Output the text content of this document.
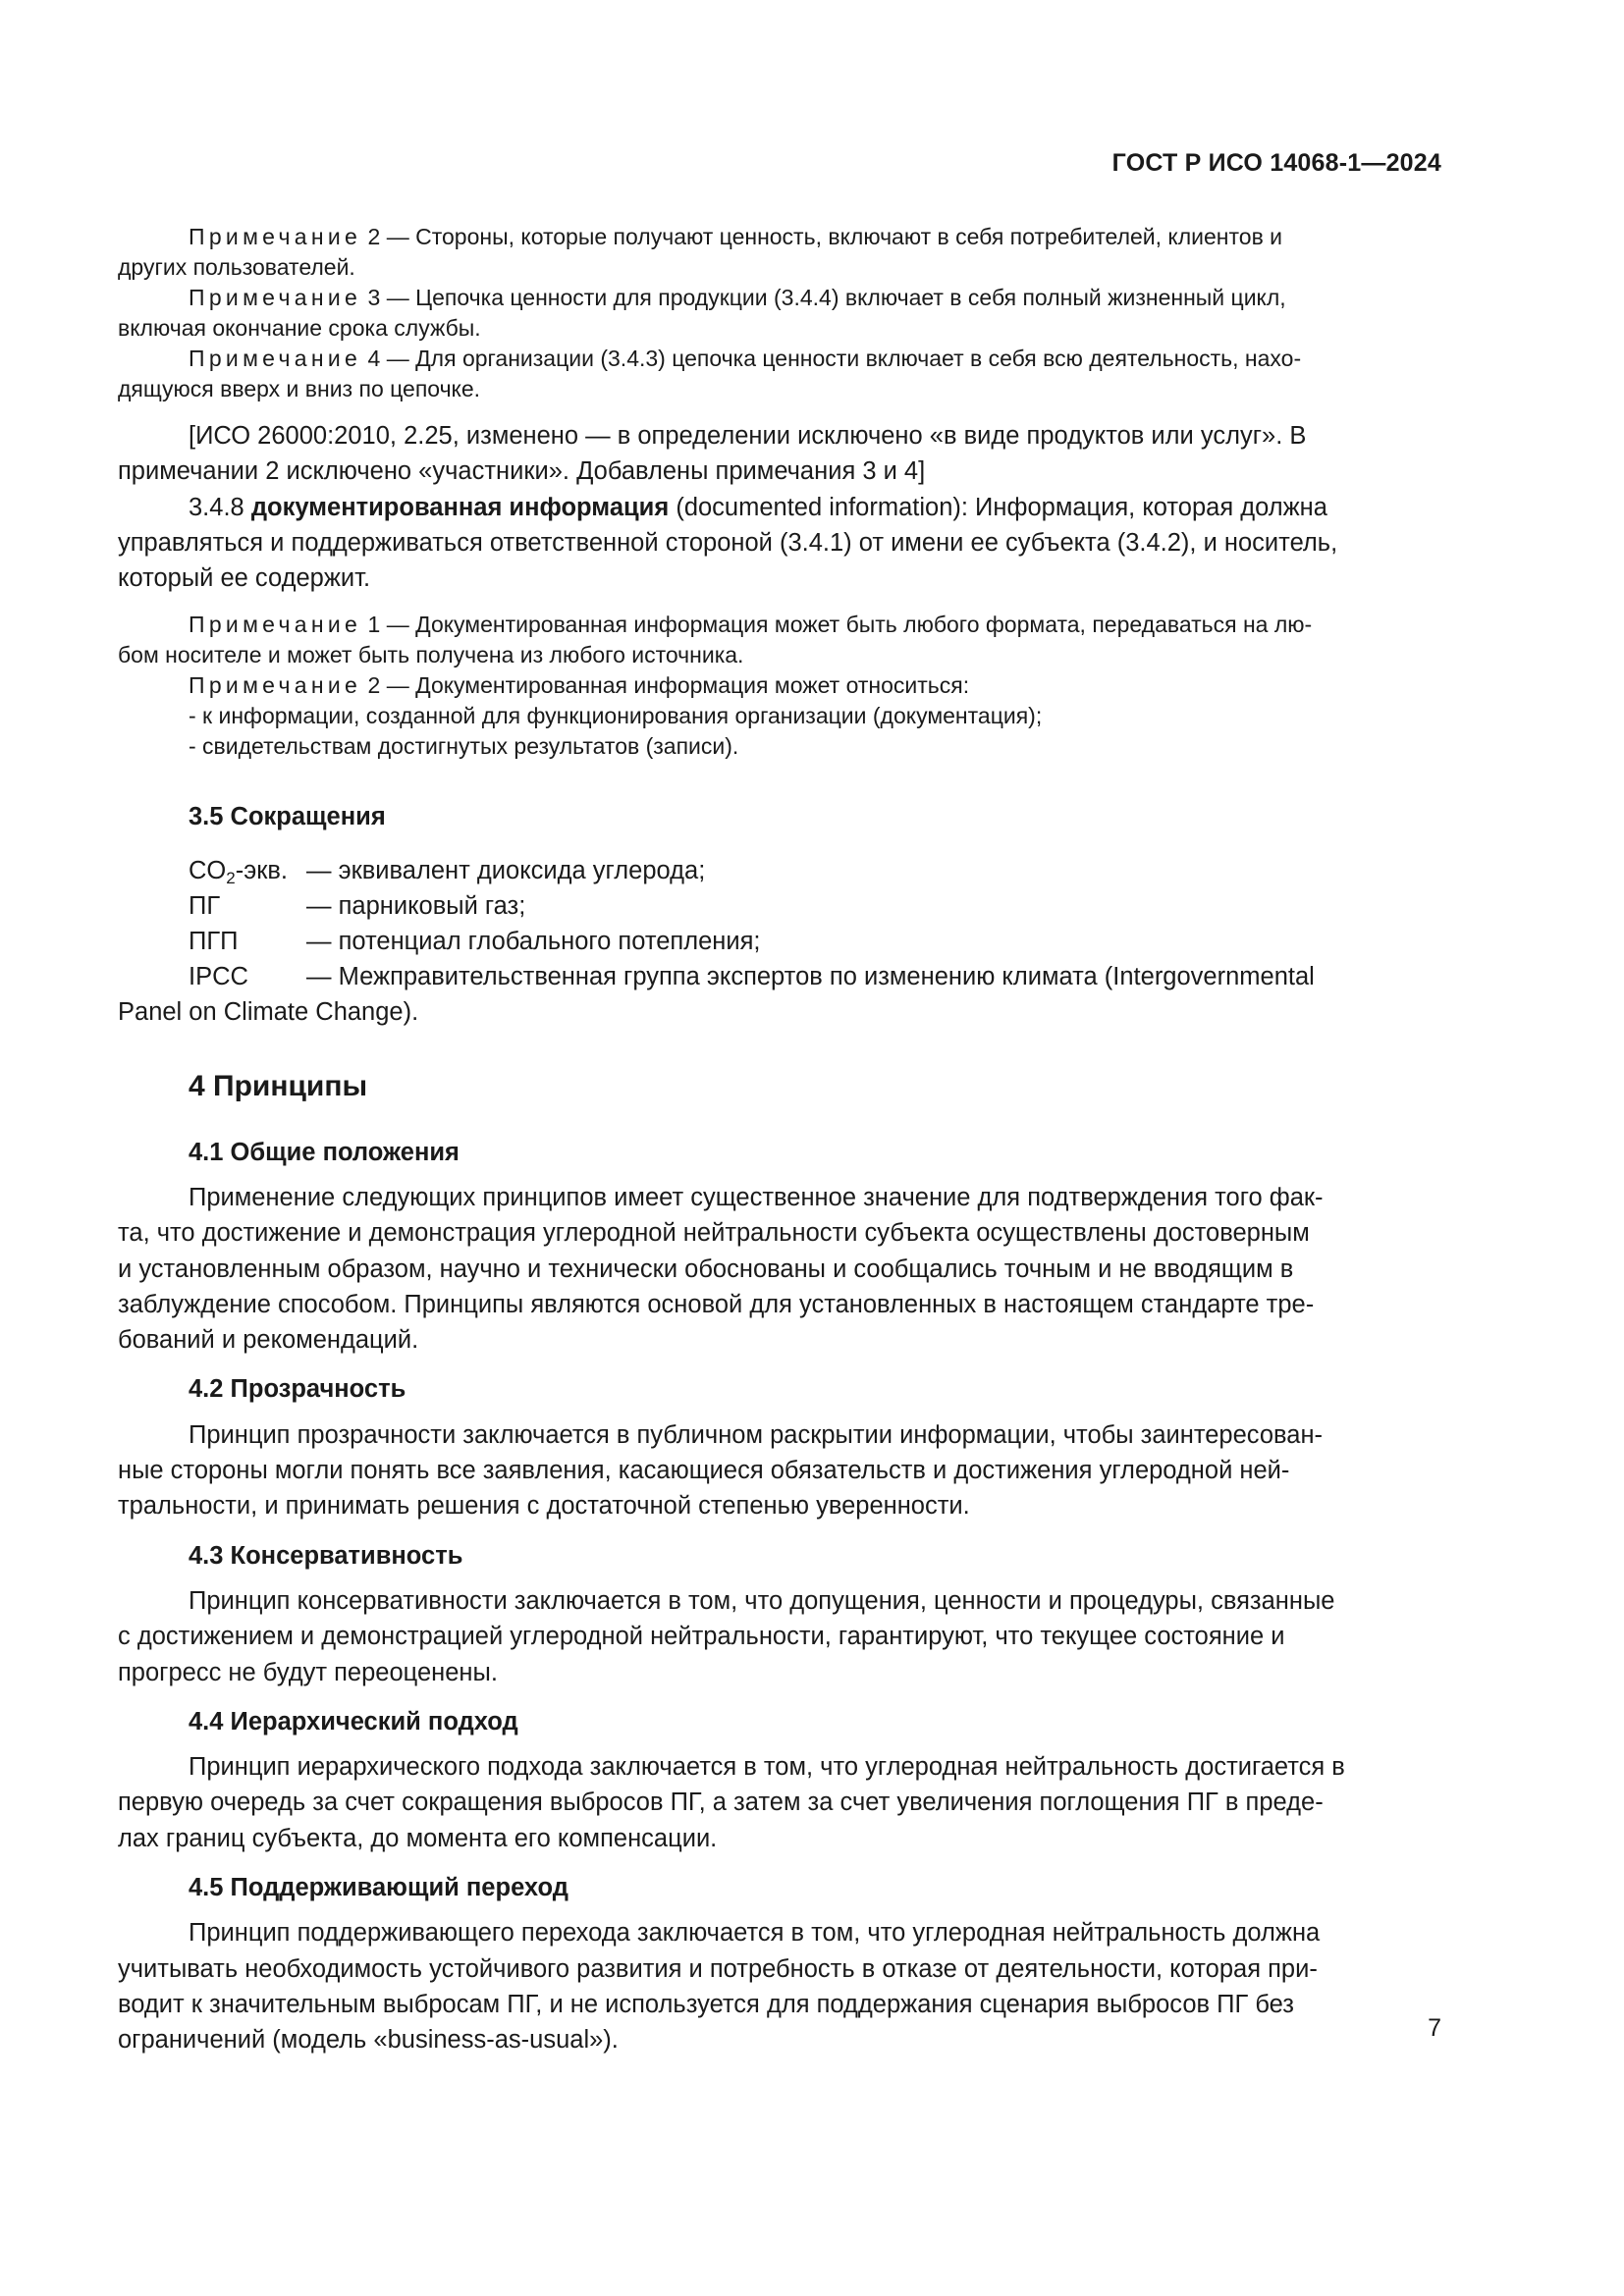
ГОСТ Р ИСО 14068-1—2024

Примечание 2 — Стороны, которые получают ценность, включают в себя потребителей, клиентов и

других пользователей.

Примечание 3 — Цепочка ценности для продукции (3.4.4) включает в себя полный жизненный цикл,

включая окончание срока службы.

Примечание 4 — Для организации (3.4.3) цепочка ценности включает в себя всю деятельность, нахо-

дящуюся вверх и вниз по цепочке.

[ИСО 26000:2010, 2.25, изменено — в определении исключено «в виде продуктов или услуг». В

примечании 2 исключено «участники». Добавлены примечания 3 и 4]

3.4.8 документированная информация (documented information): Информация, которая должна

управляться и поддерживаться ответственной стороной (3.4.1) от имени ее субъекта (3.4.2), и носитель,

который ее содержит.

Примечание 1 — Документированная информация может быть любого формата, передаваться на лю-

бом носителе и может быть получена из любого источника.

Примечание 2 — Документированная информация может относиться:

- к информации, созданной для функционирования организации (документация);

- свидетельствам достигнутых результатов (записи).

3.5 Сокращения

$CO_2$-экв. — эквивалент диоксида углерода;
ПГ	— парниковый газ;
ПГП	— потенциал глобального потепления;

IPCC — Межправительственная группа экспертов по изменению климата (Intergovernmental

Panel on Climate Change).

4 Принципы

4.1 Общие положения

Применение следующих принципов имеет существенное значение для подтверждения того фак-

та, что достижение и демонстрация углеродной нейтральности субъекта осуществлены достоверным

и установленным образом, научно и технически обоснованы и сообщались точным и не вводящим в

заблуждение способом. Принципы являются основой для установленных в настоящем стандарте тре-

бований и рекомендаций.

4.2 Прозрачность

Принцип прозрачности заключается в публичном раскрытии информации, чтобы заинтересован-

ные стороны могли понять все заявления, касающиеся обязательств и достижения углеродной ней-

тральности, и принимать решения с достаточной степенью уверенности.

4.3 Консервативность

Принцип консервативности заключается в том, что допущения, ценности и процедуры, связанные

с достижением и демонстрацией углеродной нейтральности, гарантируют, что текущее состояние и

прогресс не будут переоценены.

4.4 Иерархический подход

Принцип иерархического подхода заключается в том, что углеродная нейтральность достигается в

первую очередь за счет сокращения выбросов ПГ, а затем за счет увеличения поглощения ПГ в преде-

лах границ субъекта, до момента его компенсации.

4.5 Поддерживающий переход

Принцип поддерживающего перехода заключается в том, что углеродная нейтральность должна

учитывать необходимость устойчивого развития и потребность в отказе от деятельности, которая при-

водит к значительным выбросам ПГ, и не используется для поддержания сценария выбросов ПГ без

ограничений (модель «business-as-usual»).	7
